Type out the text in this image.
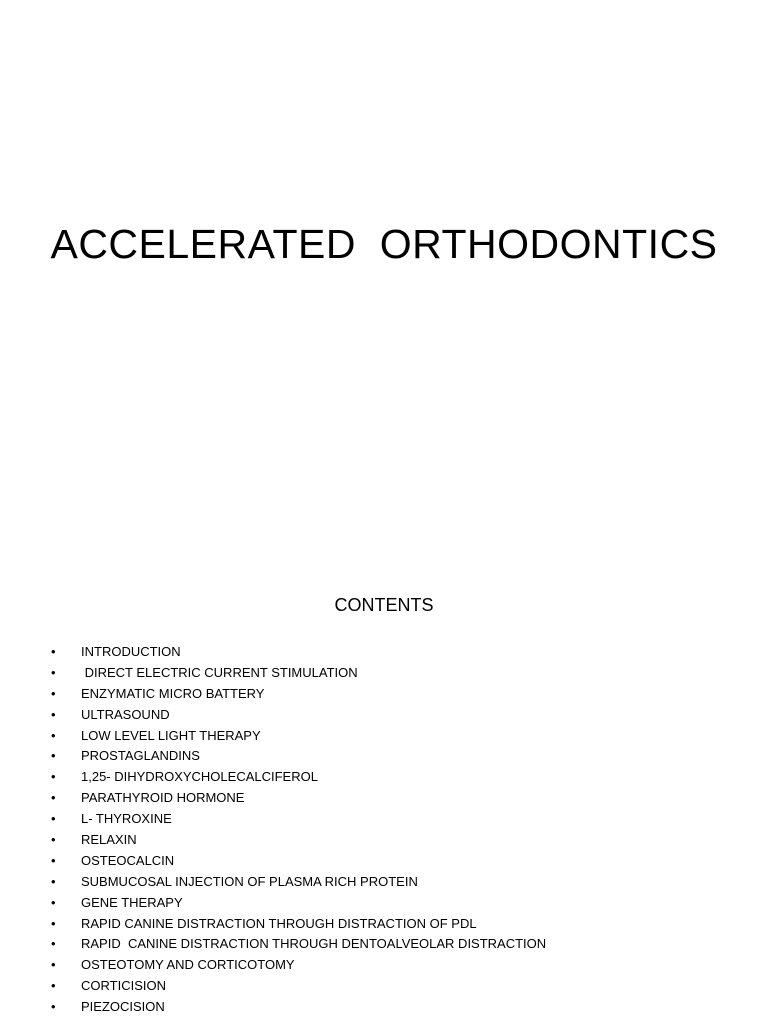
ACCELERATED  ORTHODONTICS
CONTENTS
• INTRODUCTION
• DIRECT ELECTRIC CURRENT STIMULATION
• ENZYMATIC MICRO BATTERY
• ULTRASOUND
• LOW LEVEL LIGHT THERAPY
• PROSTAGLANDINS
• 1,25- DIHYDROXYCHOLECALCIFEROL
• PARATHYROID HORMONE
• L- THYROXINE
• RELAXIN
• OSTEOCALCIN
• SUBMUCOSAL INJECTION OF PLASMA RICH PROTEIN
• GENE THERAPY
• RAPID CANINE DISTRACTION THROUGH DISTRACTION OF PDL
• RAPID  CANINE DISTRACTION THROUGH DENTOALVEOLAR DISTRACTION
• OSTEOTOMY AND CORTICOTOMY
• CORTICISION
• PIEZOCISION
